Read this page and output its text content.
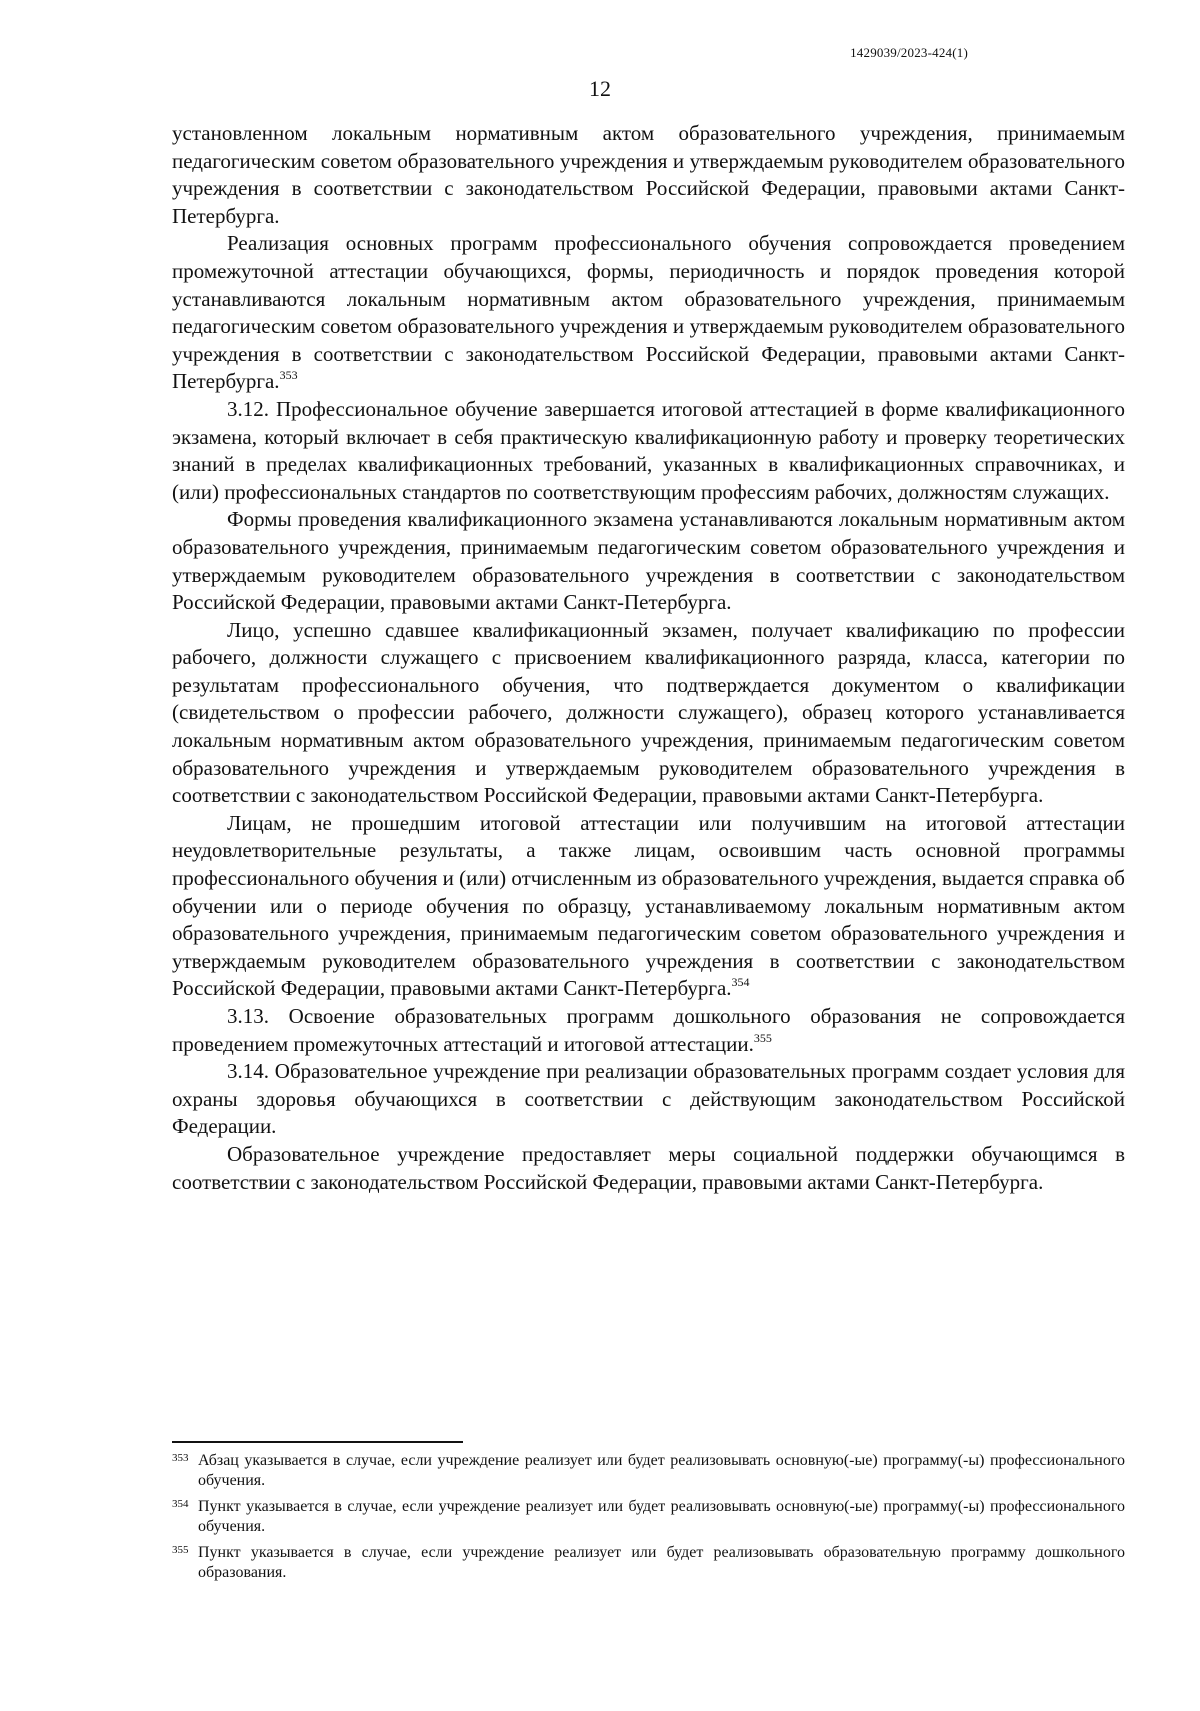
1429039/2023-424(1)
12

установленном локальным нормативным актом образовательного учреждения, принимаемым педагогическим советом образовательного учреждения и утверждаемым руководителем образовательного учреждения в соответствии с законодательством Российской Федерации, правовыми актами Санкт-Петербурга.

Реализация основных программ профессионального обучения сопровождается проведением промежуточной аттестации обучающихся, формы, периодичность и порядок проведения которой устанавливаются локальным нормативным актом образовательного учреждения, принимаемым педагогическим советом образовательного учреждения и утверждаемым руководителем образовательного учреждения в соответствии с законодательством Российской Федерации, правовыми актами Санкт-Петербурга.$^{353}$

3.12. Профессиональное обучение завершается итоговой аттестацией в форме квалификационного экзамена, который включает в себя практическую квалификационную работу и проверку теоретических знаний в пределах квалификационных требований, указанных в квалификационных справочниках, и (или) профессиональных стандартов по соответствующим профессиям рабочих, должностям служащих.

Формы проведения квалификационного экзамена устанавливаются локальным нормативным актом образовательного учреждения, принимаемым педагогическим советом образовательного учреждения и утверждаемым руководителем образовательного учреждения в соответствии с законодательством Российской Федерации, правовыми актами Санкт-Петербурга.

Лицо, успешно сдавшее квалификационный экзамен, получает квалификацию по профессии рабочего, должности служащего с присвоением квалификационного разряда, класса, категории по результатам профессионального обучения, что подтверждается документом о квалификации (свидетельством о профессии рабочего, должности служащего), образец которого устанавливается локальным нормативным актом образовательного учреждения, принимаемым педагогическим советом образовательного учреждения и утверждаемым руководителем образовательного учреждения в соответствии с законодательством Российской Федерации, правовыми актами Санкт-Петербурга.

Лицам, не прошедшим итоговой аттестации или получившим на итоговой аттестации неудовлетворительные результаты, а также лицам, освоившим часть основной программы профессионального обучения и (или) отчисленным из образовательного учреждения, выдается справка об обучении или о периоде обучения по образцу, устанавливаемому локальным нормативным актом образовательного учреждения, принимаемым педагогическим советом образовательного учреждения и утверждаемым руководителем образовательного учреждения в соответствии с законодательством Российской Федерации, правовыми актами Санкт-Петербурга.$^{354}$

3.13. Освоение образовательных программ дошкольного образования не сопровождается проведением промежуточных аттестаций и итоговой аттестации.$^{355}$

3.14. Образовательное учреждение при реализации образовательных программ создает условия для охраны здоровья обучающихся в соответствии с действующим законодательством Российской Федерации.

Образовательное учреждение предоставляет меры социальной поддержки обучающимся в соответствии с законодательством Российской Федерации, правовыми актами Санкт-Петербурга.

353 Абзац указывается в случае, если учреждение реализует или будет реализовывать основную(-ые) программу(-ы) профессионального обучения.

354 Пункт указывается в случае, если учреждение реализует или будет реализовывать основную(-ые) программу(-ы) профессионального обучения.

355 Пункт указывается в случае, если учреждение реализует или будет реализовывать образовательную программу дошкольного образования.
